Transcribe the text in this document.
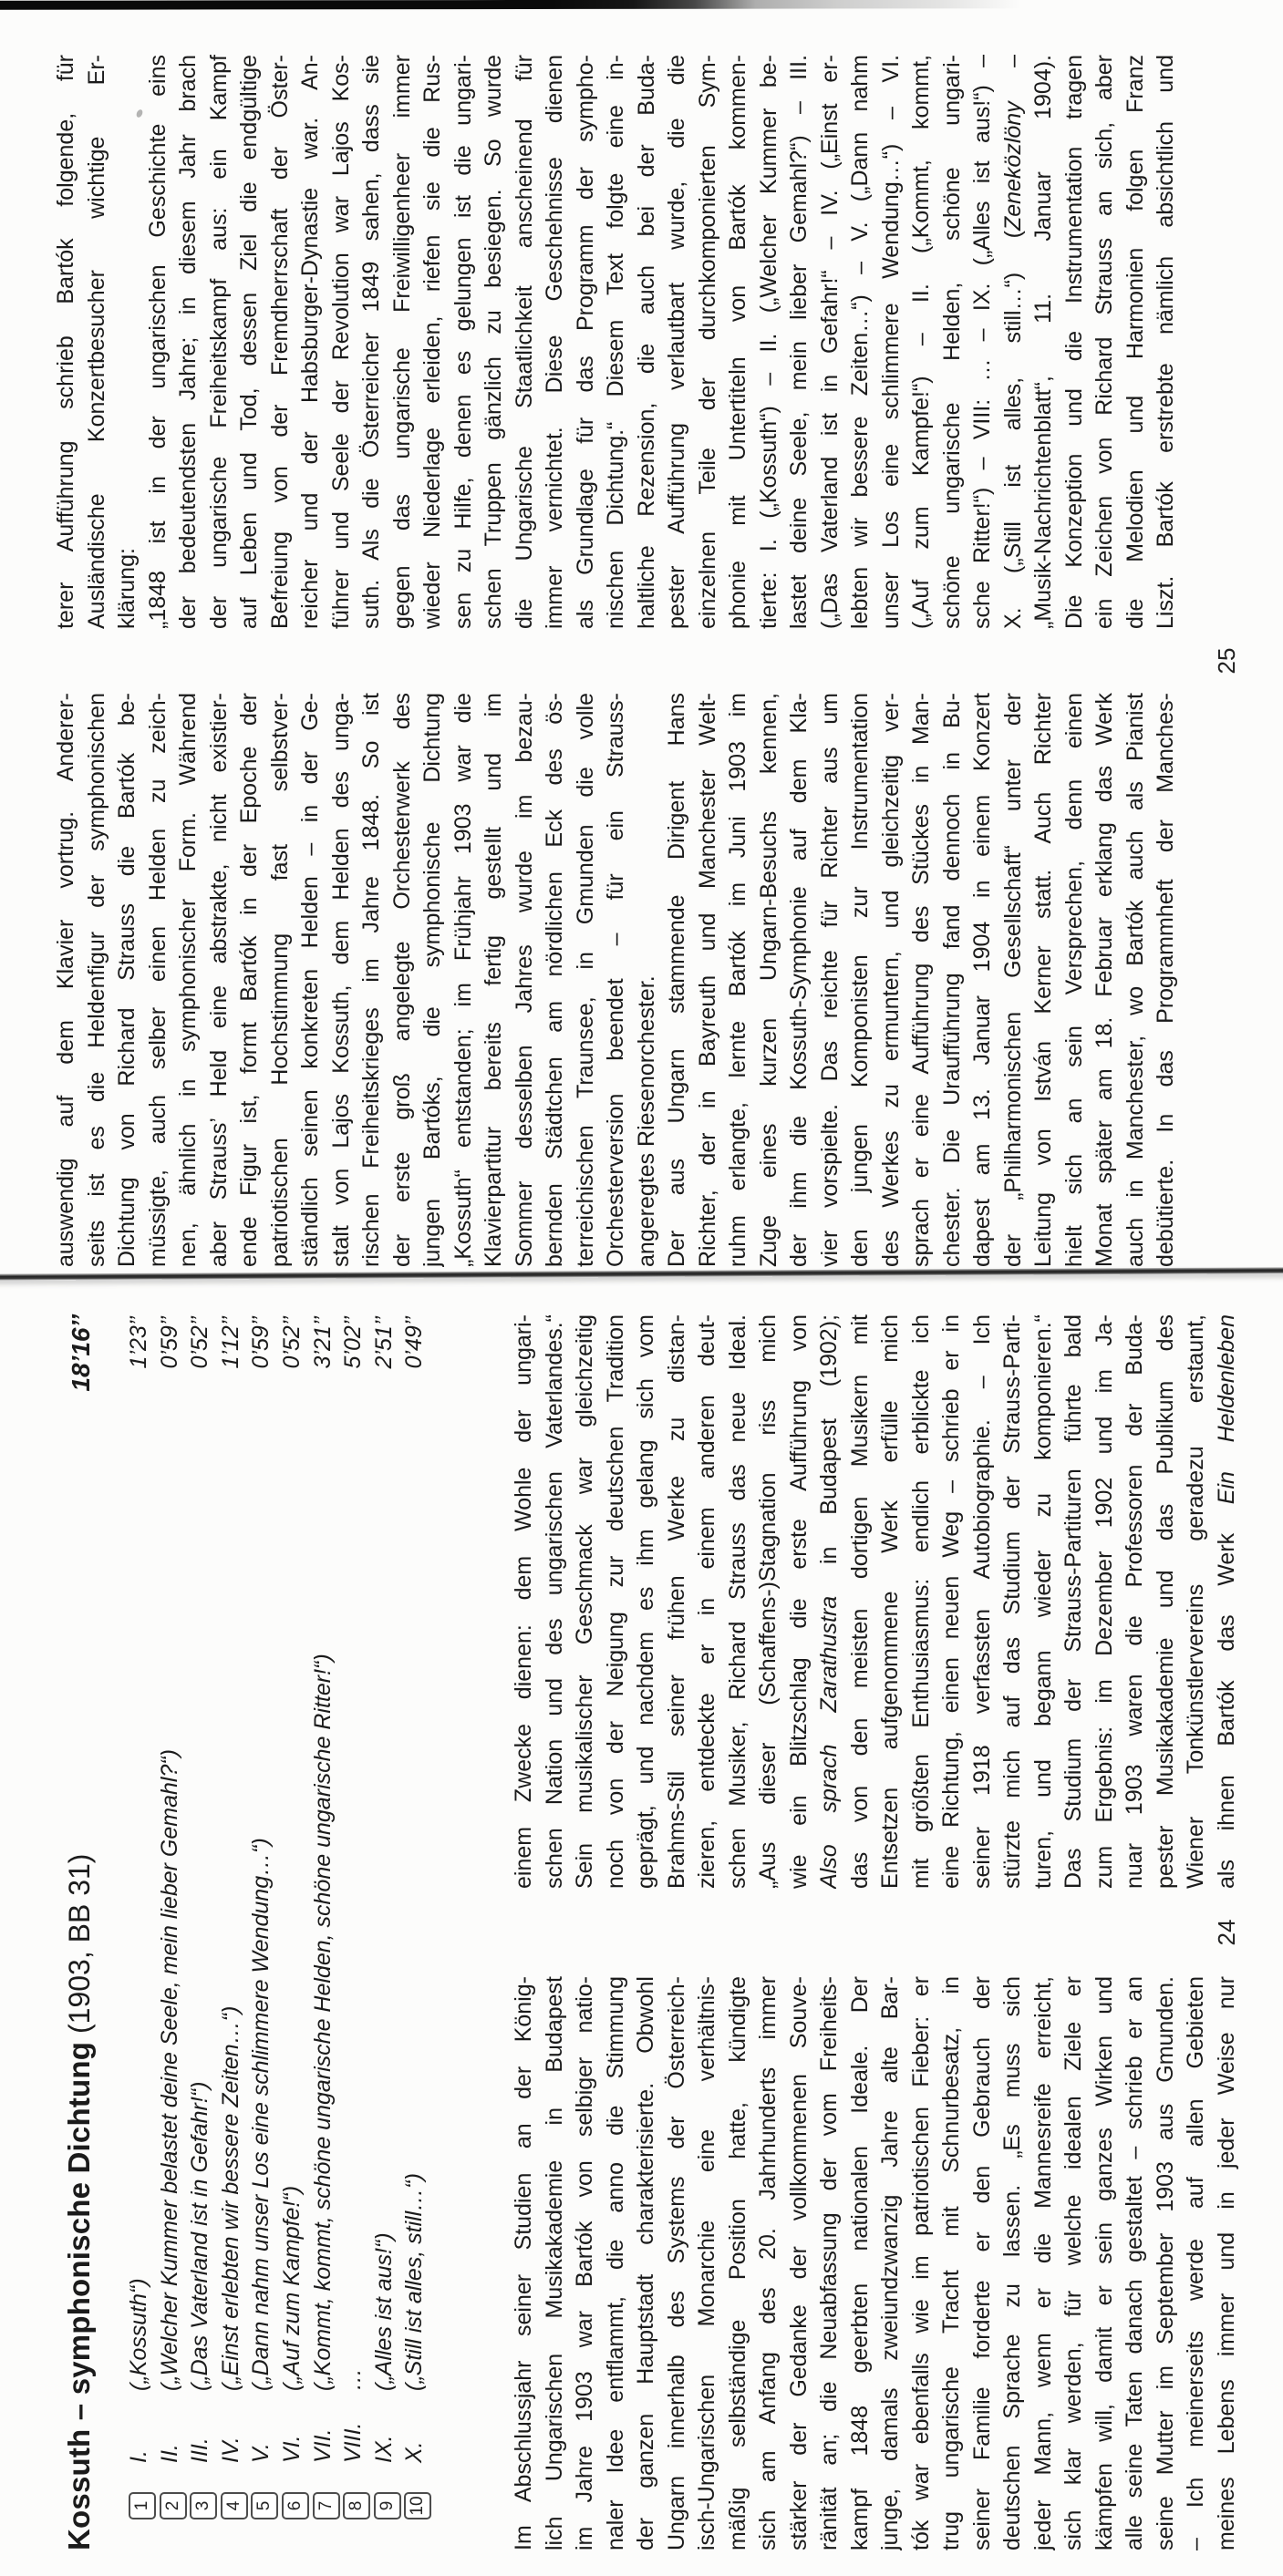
Kossuth – symphonische Dichtung (1903, BB 31)
18’16’’
1
I.
(„Kossuth“)
1’23’’
2
II.
(„Welcher Kummer belastet deine Seele, mein lieber Gemahl?“)
0’59’’
3
III.
(„Das Vaterland ist in Gefahr!“)
0’52’’
4
IV.
(„Einst erlebten wir bessere Zeiten…“)
1’12’’
5
V.
(„Dann nahm unser Los eine schlimmere Wendung…“)
0’59’’
6
VI.
(„Auf zum Kampfe!“)
0’52’’
7
VII.
(„Kommt, kommt, schöne ungarische Helden, schöne ungarische Ritter!“)
3’21’’
8
VIII.
…
5’02’’
9
IX.
(„Alles ist aus!“)
2’51’’
10
X.
(„Still ist alles, still…“)
0’49’’
Im Abschlussjahr seiner Studien an der König- lich Ungarischen Musikakademie in Budapest im Jahre 1903 war Bartók von selbiger natio- naler Idee entflammt, die anno die Stimmung der ganzen Hauptstadt charakterisierte. Obwohl Ungarn innerhalb des Systems der Österreich- isch-Ungarischen Monarchie eine verhältnis- mäßig selbständige Position hatte, kündigte sich am Anfang des 20. Jahrhunderts immer stärker der Gedanke der vollkommenen Souve- ränität an; die Neuabfassung der vom Freiheits- kampf 1848 geerbten nationalen Ideale. Der junge, damals zweiundzwanzig Jahre alte Bar- tók war ebenfalls wie im patriotischen Fieber: er trug ungarische Tracht mit Schnurbesatz, in seiner Familie forderte er den Gebrauch der deutschen Sprache zu lassen. „Es muss sich jeder Mann, wenn er die Mannesreife erreicht, sich klar werden, für welche idealen Ziele er kämpfen will, damit er sein ganzes Wirken und alle seine Taten danach gestaltet – schrieb er an seine Mutter im September 1903 aus Gmunden. – Ich meinerseits werde auf allen Gebieten meines Lebens immer und in jeder Weise nur
einem Zwecke dienen: dem Wohle der ungari- schen Nation und des ungarischen Vaterlandes.“ Sein musikalischer Geschmack war gleichzeitig noch von der Neigung zur deutschen Tradition geprägt, und nachdem es ihm gelang sich vom Brahms-Stil seiner frühen Werke zu distan- zieren, entdeckte er in einem anderen deut- schen Musiker, Richard Strauss das neue Ideal. „Aus dieser (Schaffens-)Stagnation riss mich wie ein Blitzschlag die erste Aufführung von Also sprach Zarathustra in Budapest (1902); das von den meisten dortigen Musikern mit Entsetzen aufgenommene Werk erfülle mich mit größten Enthusiasmus: endlich erblickte ich eine Richtung, einen neuen Weg – schrieb er in seiner 1918 verfassten Autobiographie. – Ich stürzte mich auf das Studium der Strauss-Parti- turen, und begann wieder zu komponieren.“ Das Studium der Strauss-Partituren führte bald zum Ergebnis: im Dezember 1902 und im Ja- nuar 1903 waren die Professoren der Buda- pester Musikakademie und das Publikum des Wiener Tonkünstlervereins geradezu erstaunt, als ihnen Bartók das Werk Ein Heldenleben
24
auswendig auf dem Klavier vortrug. Anderer- seits ist es die Heldenfigur der symphonischen Dichtung von Richard Strauss die Bartók be- müssigte, auch selber einen Helden zu zeich- nen, ähnlich in symphonischer Form. Während aber Strauss’ Held eine abstrakte, nicht existier- ende Figur ist, formt Bartók in der Epoche der patriotischen Hochstimmung fast selbstver- ständlich seinen konkreten Helden – in der Ge- stalt von Lajos Kossuth, dem Helden des unga- rischen Freiheitskrieges im Jahre 1848. So ist der erste groß angelegte Orchesterwerk des jungen Bartóks, die symphonische Dichtung „Kossuth“ entstanden; im Frühjahr 1903 war die Klavierpartitur bereits fertig gestellt und im Sommer desselben Jahres wurde im bezau- bernden Städtchen am nördlichen Eck des ös- terreichischen Traunsee, in Gmunden die volle Orchesterversion beendet – für ein Strauss- angeregtes Riesenorchester. Der aus Ungarn stammende Dirigent Hans Richter, der in Bayreuth und Manchester Welt- ruhm erlangte, lernte Bartók im Juni 1903 im Zuge eines kurzen Ungarn-Besuchs kennen, der ihm die Kossuth-Symphonie auf dem Kla- vier vorspielte. Das reichte für Richter aus um den jungen Komponisten zur Instrumentation des Werkes zu ermuntern, und gleichzeitig ver- sprach er eine Aufführung des Stückes in Man- chester. Die Uraufführung fand dennoch in Bu- dapest am 13. Januar 1904 in einem Konzert der „Philharmonischen Gesellschaft“ unter der Leitung von István Kerner statt. Auch Richter hielt sich an sein Versprechen, denn einen Monat später am 18. Februar erklang das Werk auch in Manchester, wo Bartók auch als Pianist debütierte. In das Programmheft der Manches-
terer Aufführung schrieb Bartók folgende, für Ausländische Konzertbesucher wichtige Er- klärung: „1848 ist in der ungarischen Geschichte eins der bedeutendsten Jahre; in diesem Jahr brach der ungarische Freiheitskampf aus: ein Kampf auf Leben und Tod, dessen Ziel die endgültige Befreiung von der Fremdherrschaft der Öster- reicher und der Habsburger-Dynastie war. An- führer und Seele der Revolution war Lajos Kos- suth. Als die Österreicher 1849 sahen, dass sie gegen das ungarische Freiwilligenheer immer wieder Niederlage erleiden, riefen sie die Rus- sen zu Hilfe, denen es gelungen ist die ungari- schen Truppen gänzlich zu besiegen. So wurde die Ungarische Staatlichkeit anscheinend für immer vernichtet. Diese Geschehnisse dienen als Grundlage für das Programm der sympho- nischen Dichtung.“ Diesem Text folgte eine in- haltliche Rezension, die auch bei der Buda- pester Aufführung verlautbart wurde, die die einzelnen Teile der durchkomponierten Sym- phonie mit Untertiteln von Bartók kommen- tierte: I. („Kossuth“) – II. („Welcher Kummer be- lastet deine Seele, mein lieber Gemahl?“) – III. („Das Vaterland ist in Gefahr!“ – IV. („Einst er- lebten wir bessere Zeiten…“) – V. („Dann nahm unser Los eine schlimmere Wendung…“) – VI. („Auf zum Kampfe!“) – II. („Kommt, kommt, schöne ungarische Helden, schöne ungari- sche Ritter!“) – VIII: … – IX. („Alles ist aus!“) – X. („Still ist alles, still…“) (Zeneközlöny – „Musik-Nachrichtenblatt“, 11. Januar 1904). Die Konzeption und die Instrumentation tragen ein Zeichen von Richard Strauss an sich, aber die Melodien und Harmonien folgen Franz Liszt. Bartók erstrebte nämlich absichtlich und
25
